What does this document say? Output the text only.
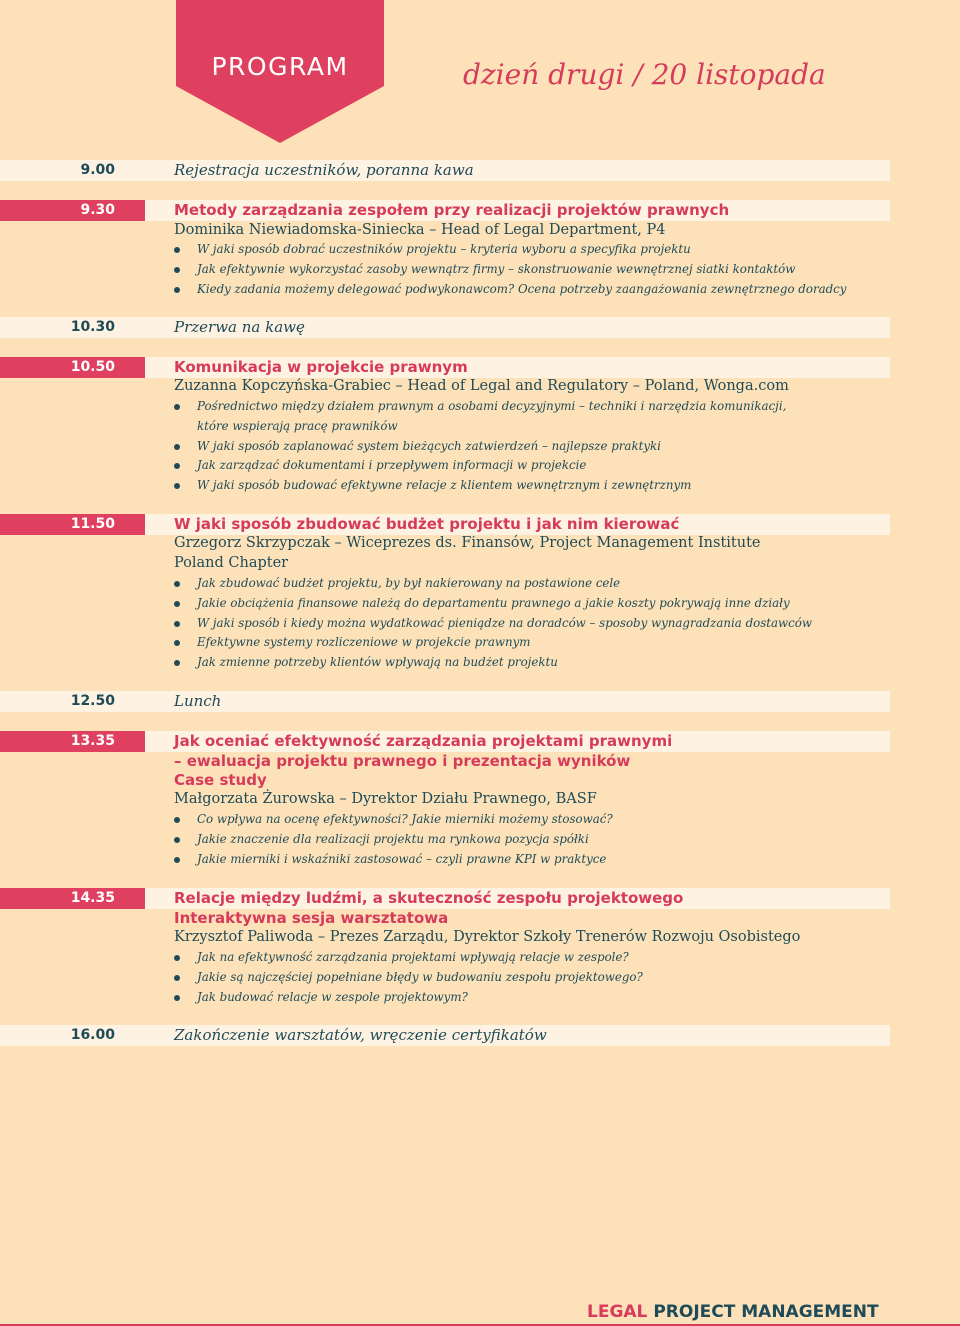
PROGRAM	dzień drugi / 20 listopada
9.00	Rejestracja uczestników, poranna kawa
9.30	Metody zarządzania zespołem przy realizacji projektów prawnych
Dominika Niewiadomska-Siniecka – Head of Legal Department, P4
W jaki sposób dobrać uczestników projektu – kryteria wyboru a specyfika projektu
Jak efektywnie wykorzystać zasoby wewnątrz firmy – skonstruowanie wewnętrznej siatki kontaktów
Kiedy zadania możemy delegować podwykonawcom? Ocena potrzeby zaangażowania zewnętrznego doradcy
10.30	Przerwa na kawę
10.50	Komunikacja w projekcie prawnym
Zuzanna Kopczyńska-Grabiec – Head of Legal and Regulatory – Poland, Wonga.com
Pośrednictwo między działem prawnym a osobami decyzyjnymi – techniki i narzędzia komunikacji,
które wspierają pracę prawników
W jaki sposób zaplanować system bieżących zatwierdzeń – najlepsze praktyki
Jak zarządzać dokumentami i przepływem informacji w projekcie
W jaki sposób budować efektywne relacje z klientem wewnętrznym i zewnętrznym
11.50	W jaki sposób zbudować budżet projektu i jak nim kierować
Grzegorz Skrzypczak – Wiceprezes ds. Finansów, Project Management Institute Poland Chapter
Jak zbudować budżet projektu, by był nakierowany na postawione cele
Jakie obciążenia finansowe należą do departamentu prawnego a jakie koszty pokrywają inne działy
W jaki sposób i kiedy można wydatkować pieniądze na doradców – sposoby wynagradzania dostawców
Efektywne systemy rozliczeniowe w projekcie prawnym
Jak zmienne potrzeby klientów wpływają na budżet projektu
12.50	Lunch
13.35	Jak oceniać efektywność zarządzania projektami prawnymi
– ewaluacja projektu prawnego i prezentacja wyników
Case study
Małgorzata Żurowska – Dyrektor Działu Prawnego, BASF
Co wpływa na ocenę efektywności? Jakie mierniki możemy stosować?
Jakie znaczenie dla realizacji projektu ma rynkowa pozycja spółki
Jakie mierniki i wskaźniki zastosować – czyli prawne KPI w praktyce
14.35	Relacje między ludźmi, a skuteczność zespołu projektowego
Interaktywna sesja warsztatowa
Krzysztof Paliwoda – Prezes Zarządu, Dyrektor Szkoły Trenerów Rozwoju Osobistego
Jak na efektywność zarządzania projektami wpływają relacje w zespole?
Jakie są najczęściej popełniane błędy w budowaniu zespołu projektowego?
Jak budować relacje w zespole projektowym?
16.00	Zakończenie warsztatów, wręczenie certyfikatów
LEGAL PROJECT MANAGEMENT
